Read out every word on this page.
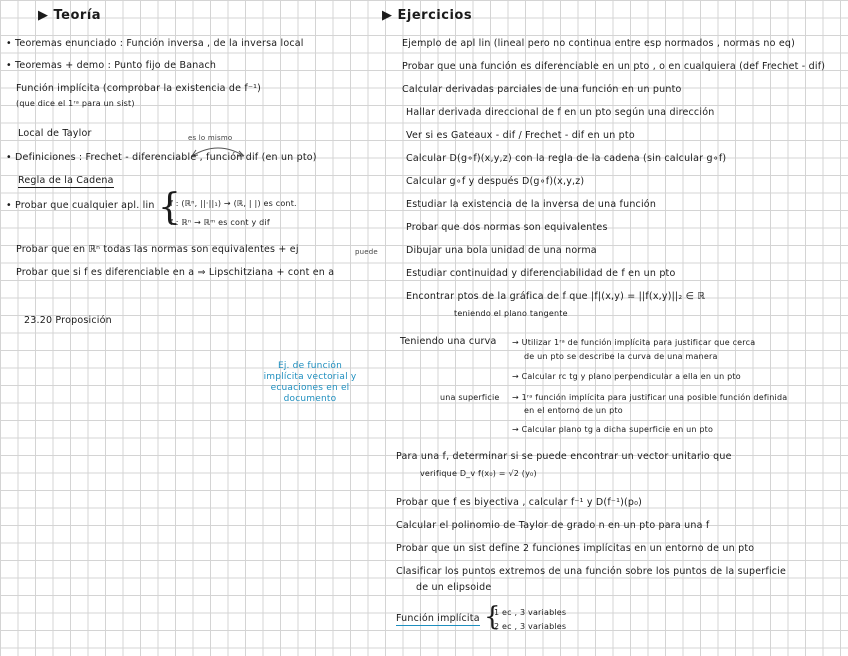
▶ Teoría
• Teoremas enunciado : Función inversa , de la inversa local
• Teoremas + demo : Punto fijo de Banach
Función implícita (comprobar la existencia de f⁻¹)
(que dice el 1ʳᵃ para un sist)
Local de Taylor	es lo mismo
• Definiciones : Frechet - diferenciable , función dif (en un pto)
Regla de la Cadena
• Probar que cualquier apl. lin {
f : (ℝⁿ, ||·||₁) → (ℝ, | |) es cont.
f : ℝⁿ → ℝᵐ es cont y dif
Probar que en ℝⁿ todas las normas son equivalentes + ej	puede
Probar que si f es diferenciable en a ⇒ Lipschitziana + cont en a
23.20 Proposición
Ej. de función implícita vectorial y ecuaciones en el documento
▶ Ejercicios
Ejemplo de apl lin (lineal pero no continua entre esp normados , normas no eq)
Probar que una función es diferenciable en un pto , o en cualquiera (def Frechet - dif)
Calcular derivadas parciales de una función en un punto
Hallar derivada direccional de f en un pto según una dirección
Ver si es Gateaux - dif / Frechet - dif en un pto
Calcular D(g∘f)(x,y,z) con la regla de la cadena (sin calcular g∘f)
Calcular g∘f y después D(g∘f)(x,y,z)
Estudiar la existencia de la inversa de una función
Probar que dos normas son equivalentes
Dibujar una bola unidad de una norma
Estudiar continuidad y diferenciabilidad de f en un pto
Encontrar ptos de la gráfica de f que |f|(x,y) = ||f(x,y)||₂ ∈ ℝ
teniendo el plano tangente
Teniendo una curva → Utilizar 1ʳᵃ de función implícita para justificar que cerca
de un pto se describe la curva de una manera
→ Calcular rc tg y plano perpendicular a ella en un pto
una superficie → 1ʳᵃ función implícita para justificar una posible función definida
en el entorno de un pto
→ Calcular plano tg a dicha superficie en un pto
Para una f, determinar si se puede encontrar un vector unitario que
verifique D_v f(x₀) = √2 (y₀)
Probar que f es biyectiva , calcular f⁻¹ y D(f⁻¹)(p₀)
Calcular el polinomio de Taylor de grado n en un pto para una f
Probar que un sist define 2 funciones implícitas en un entorno de un pto
Clasificar los puntos extremos de una función sobre los puntos de la superficie
de un elipsoide
Función implícita {
1 ec , 3 variables
2 ec , 3 variables
